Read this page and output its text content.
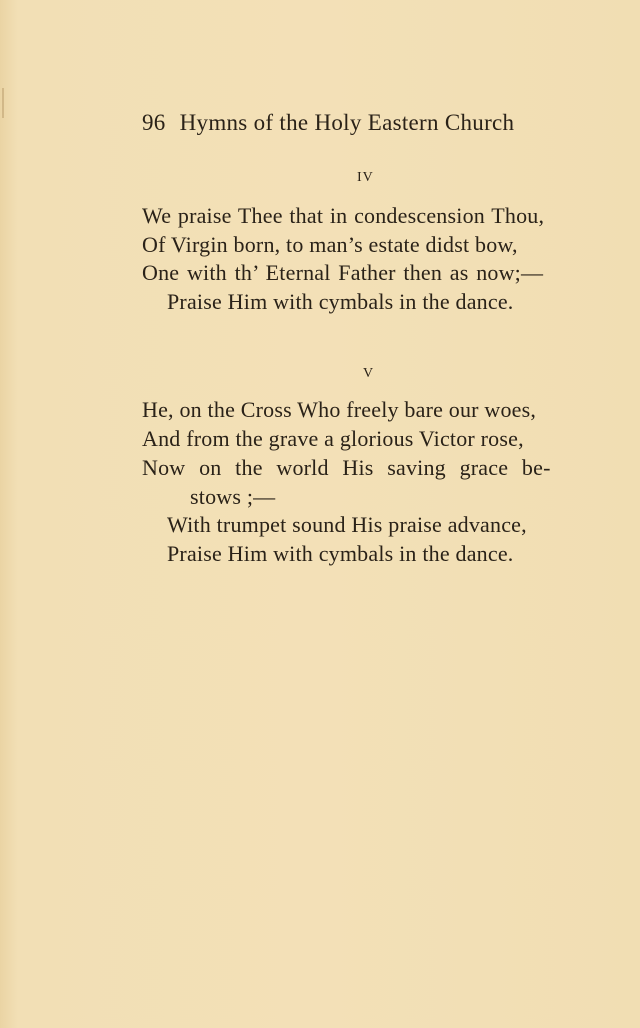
96 Hymns of the Holy Eastern Church
IV
We praise Thee that in condescension Thou,
Of Virgin born, to man’s estate didst bow,
One with th’ Eternal Father then as now;—
Praise Him with cymbals in the dance.
V
He, on the Cross Who freely bare our woes,
And from the grave a glorious Victor rose,
Now on the world His saving grace be-
stows ;—
With trumpet sound His praise advance,
Praise Him with cymbals in the dance.
